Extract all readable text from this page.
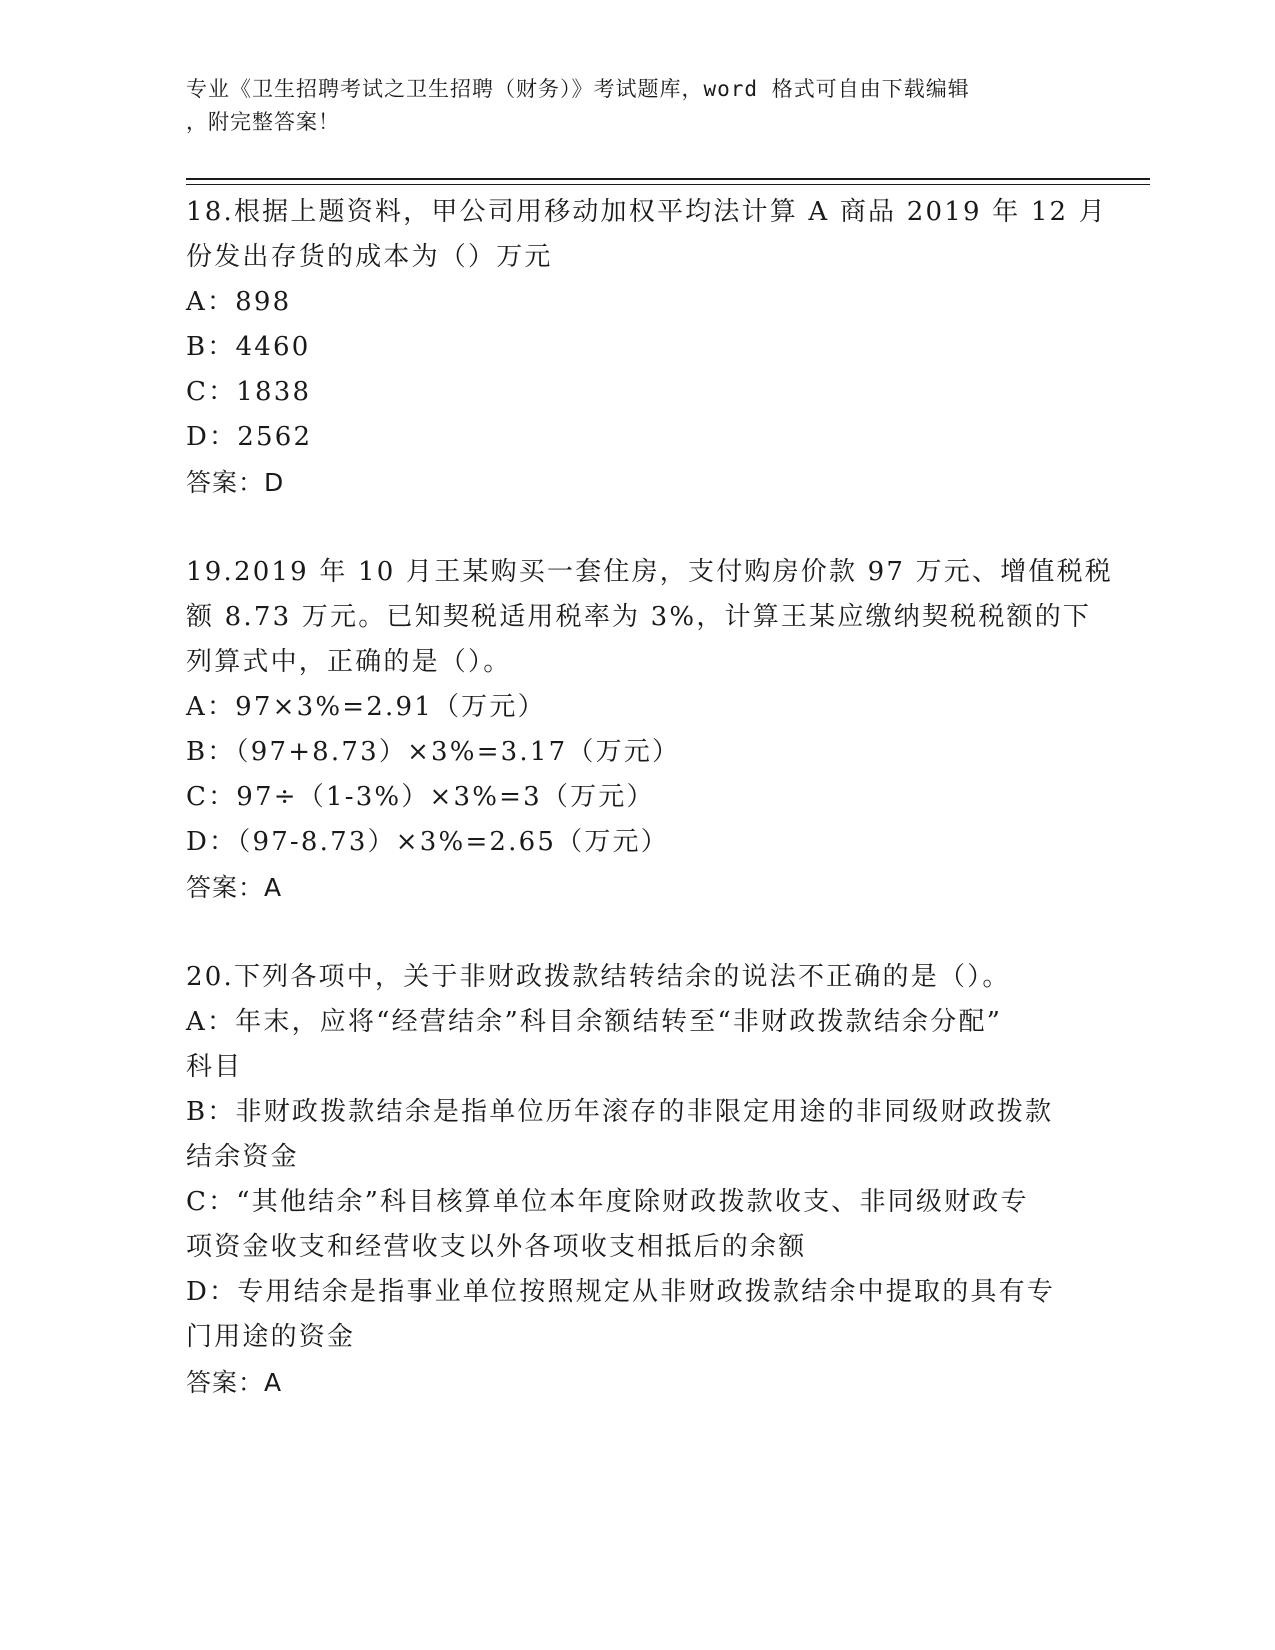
专业《卫生招聘考试之卫生招聘（财务）》考试题库，word 格式可自由下载编辑
，附完整答案！
18.根据上题资料，甲公司用移动加权平均法计算 A 商品 2019 年 12 月
份发出存货的成本为（）万元
A：898
B：4460
C：1838
D：2562
答案：D
19.2019 年 10 月王某购买一套住房，支付购房价款 97 万元、增值税税
额 8.73 万元。已知契税适用税率为 3%，计算王某应缴纳契税税额的下
列算式中，正确的是（）。
A：97×3%=2.91（万元）
B：（97+8.73）×3%=3.17（万元）
C：97÷（1-3%）×3%=3（万元）
D：（97-8.73）×3%=2.65（万元）
答案：A
20.下列各项中，关于非财政拨款结转结余的说法不正确的是（）。
A：年末，应将“经营结余”科目余额结转至“非财政拨款结余分配”
科目
B：非财政拨款结余是指单位历年滚存的非限定用途的非同级财政拨款
结余资金
C：“其他结余”科目核算单位本年度除财政拨款收支、非同级财政专
项资金收支和经营收支以外各项收支相抵后的余额
D：专用结余是指事业单位按照规定从非财政拨款结余中提取的具有专
门用途的资金
答案：A
